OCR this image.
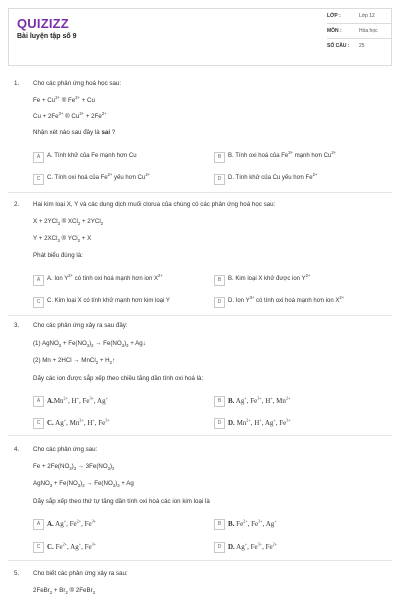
QUIZIZZ
Bài luyện tập số 9
LỚP :	Lớp 12
MÔN :	Hóa học
SỐ CÂU :	25
1. Cho các phản ứng hoá học sau:
$Fe + Cu^{2+}$ ® $Fe^{2+} + Cu$
$Cu + 2Fe^{3+}$ ® $Cu^{2+} + 2Fe^{2+}$
Nhận xét nào sau đây là sai ?
A	A. Tính khử của Fe mạnh hơn Cu	B	B. Tính oxi hoá của $Fe^{3+}$ mạnh hơn $Cu^{2+}$
C	C. Tính oxi hoá của $Fe^{2+}$ yếu hơn $Cu^{2+}$
D	D. Tính khử của Cu yếu hơn $Fe^{2+}$
2. Hai kim loại X, Y và các dung dịch muối clorua của chúng có các phản ứng hoá học sau:
X + 2YCl$_3$ ® XCl$_2$ + 2YCl$_2$
Y + 2XCl$_3$ ® YCl$_2$ + X
Phát biểu đúng là:
A	A. Ion $Y^{2+}$ có tính oxi hoá mạnh hơn ion $X^{2+}$
B	B. Kim loại X khử được ion $Y^{2+}$
C	C. Kim loại X có tính khử mạnh hơn kim loại Y	D	D. Ion $Y^{3+}$ có tính oxi hoá mạnh hơn ion $X^{2+}$
3. Cho các phản ứng xảy ra sau đây:
(1) AgNO$_3$ + $Fe(NO_3)_2 \to Fe(NO_3)_3$ + Ag↓
(2) Mn + 2HCl → MnCl$_2$ + $H_2↑$
Dãy các ion được sắp xếp theo chiều tăng dần tính oxi hoá là:
A $A.Mn^{2+}$, H+, $Fe^{3+}$, Ag+
B B. Ag+, $Fe^{3+}$, H+, $Mn^{2+}$
C C. Ag+, $Mn^{2+}$, H+, $Fe^{3+}$
D D. $Mn^{2+}$, H+, Ag+, $Fe^{3+}$
4. Cho các phản ứng sau:
$Fe + 2Fe(NO_3)_3 \to 3Fe(NO_3)_2$
AgNO$_3$ + $Fe(NO_3)_2 \to Fe(NO_3)_3 + Ag$
Dãy sắp xếp theo thứ tự tăng dần tính oxi hoá các ion kim loại là
A A. Ag+, $Fe^{2+}$, $Fe^{3+}$
B B. $Fe^{2+}$, $Fe^{3+}$, Ag+
C C. $Fe^{2+}$, Ag+, $Fe^{3+}$
D D. Ag+, $Fe^{3+}$, $Fe^{2+}$
5. Cho biết các phản ứng xảy ra sau:
2FeBr$_2$ + $Br_2$ ® 2FeBr$_3$
